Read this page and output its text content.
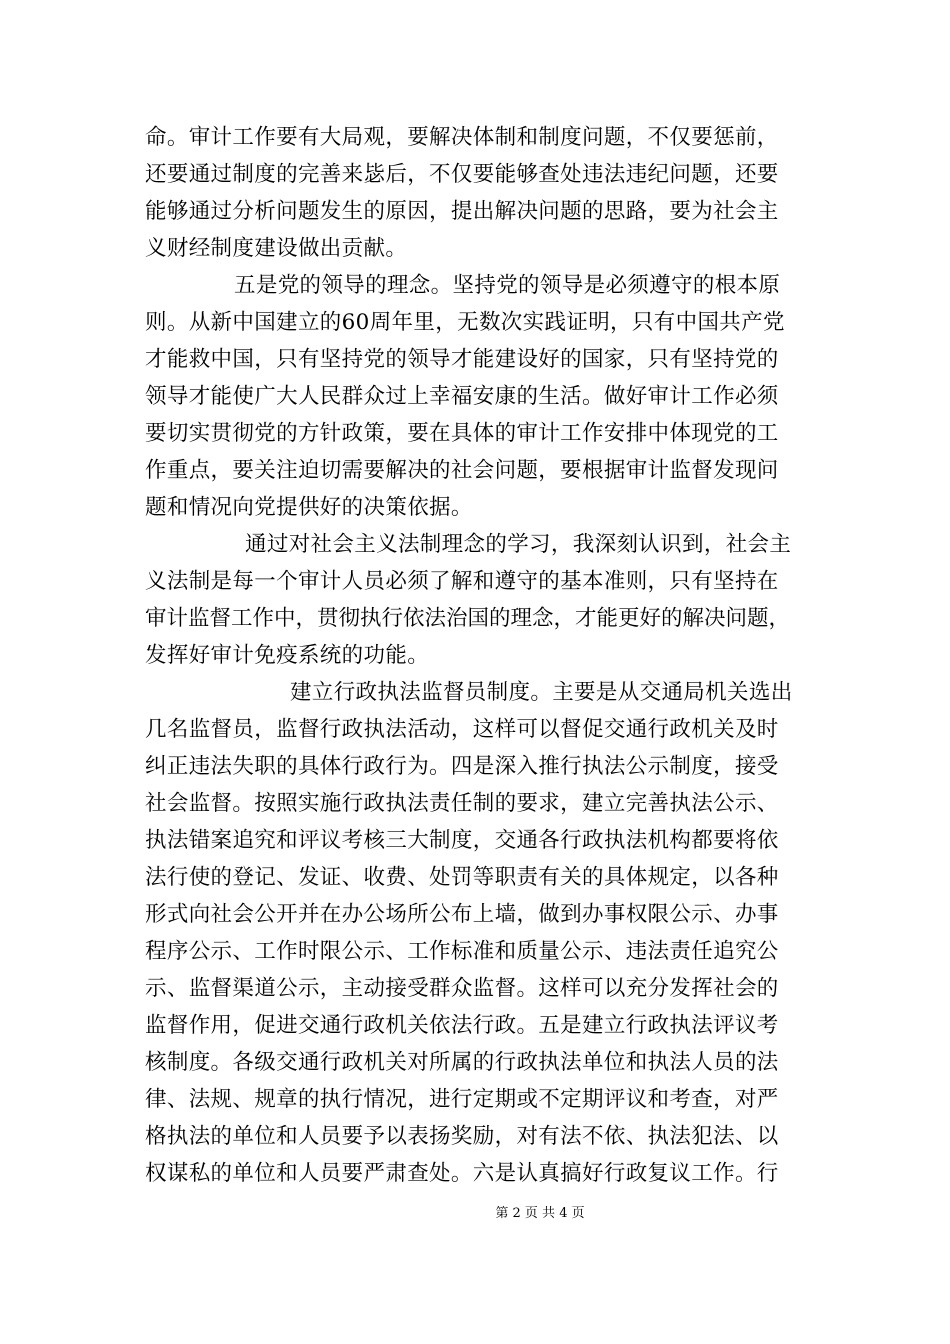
命。审计工作要有大局观，要解决体制和制度问题，不仅要惩前，
还要通过制度的完善来毖后，不仅要能够查处违法违纪问题，还要
能够通过分析问题发生的原因，提出解决问题的思路，要为社会主
义财经制度建设做出贡献。
五是党的领导的理念。坚持党的领导是必须遵守的根本原
则。从新中国建立的60周年里，无数次实践证明，只有中国共产党
才能救中国，只有坚持党的领导才能建设好的国家，只有坚持党的
领导才能使广大人民群众过上幸福安康的生活。做好审计工作必须
要切实贯彻党的方针政策，要在具体的审计工作安排中体现党的工
作重点，要关注迫切需要解决的社会问题，要根据审计监督发现问
题和情况向党提供好的决策依据。
通过对社会主义法制理念的学习，我深刻认识到，社会主
义法制是每一个审计人员必须了解和遵守的基本准则，只有坚持在
审计监督工作中，贯彻执行依法治国的理念，才能更好的解决问题，
发挥好审计免疫系统的功能。
建立行政执法监督员制度。主要是从交通局机关选出
几名监督员，监督行政执法活动，这样可以督促交通行政机关及时
纠正违法失职的具体行政行为。四是深入推行执法公示制度，接受
社会监督。按照实施行政执法责任制的要求，建立完善执法公示、
执法错案追究和评议考核三大制度，交通各行政执法机构都要将依
法行使的登记、发证、收费、处罚等职责有关的具体规定，以各种
形式向社会公开并在办公场所公布上墙，做到办事权限公示、办事
程序公示、工作时限公示、工作标准和质量公示、违法责任追究公
示、监督渠道公示，主动接受群众监督。这样可以充分发挥社会的
监督作用，促进交通行政机关依法行政。五是建立行政执法评议考
核制度。各级交通行政机关对所属的行政执法单位和执法人员的法
律、法规、规章的执行情况，进行定期或不定期评议和考查，对严
格执法的单位和人员要予以表扬奖励，对有法不依、执法犯法、以
权谋私的单位和人员要严肃查处。六是认真搞好行政复议工作。行
第 2 页 共 4 页
